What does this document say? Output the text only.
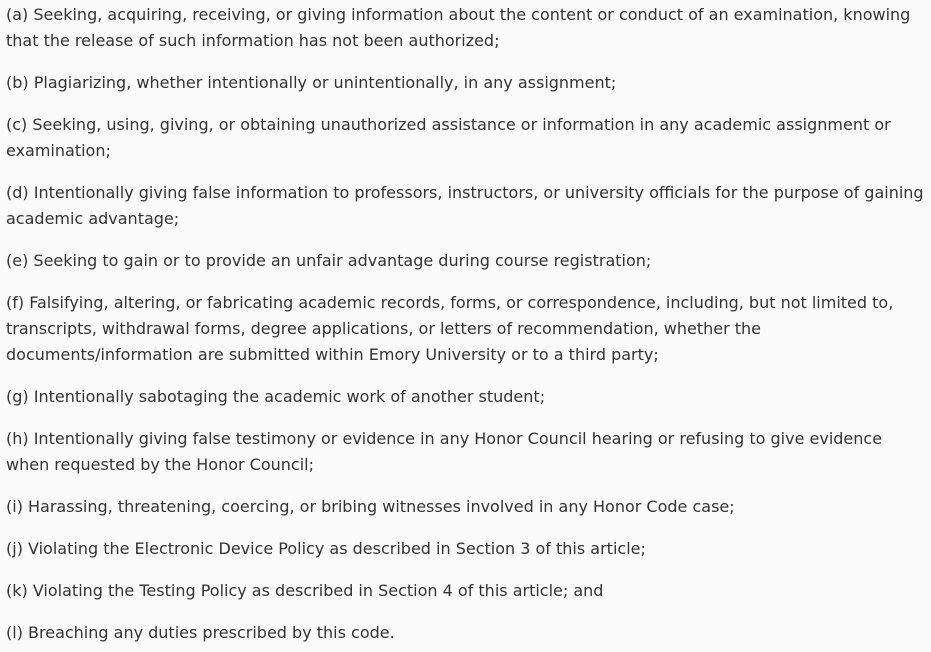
(a) Seeking, acquiring, receiving, or giving information about the content or conduct of an examination, knowing that the release of such information has not been authorized;

(b) Plagiarizing, whether intentionally or unintentionally, in any assignment;

(c) Seeking, using, giving, or obtaining unauthorized assistance or information in any academic assignment or examination;

(d) Intentionally giving false information to professors, instructors, or university officials for the purpose of gaining academic advantage;

(e) Seeking to gain or to provide an unfair advantage during course registration;

(f) Falsifying, altering, or fabricating academic records, forms, or correspondence, including, but not limited to, transcripts, withdrawal forms, degree applications, or letters of recommendation, whether the documents/information are submitted within Emory University or to a third party;

(g) Intentionally sabotaging the academic work of another student;

(h) Intentionally giving false testimony or evidence in any Honor Council hearing or refusing to give evidence when requested by the Honor Council;

(i) Harassing, threatening, coercing, or bribing witnesses involved in any Honor Code case;

(j) Violating the Electronic Device Policy as described in Section 3 of this article;

(k) Violating the Testing Policy as described in Section 4 of this article; and

(l) Breaching any duties prescribed by this code.
